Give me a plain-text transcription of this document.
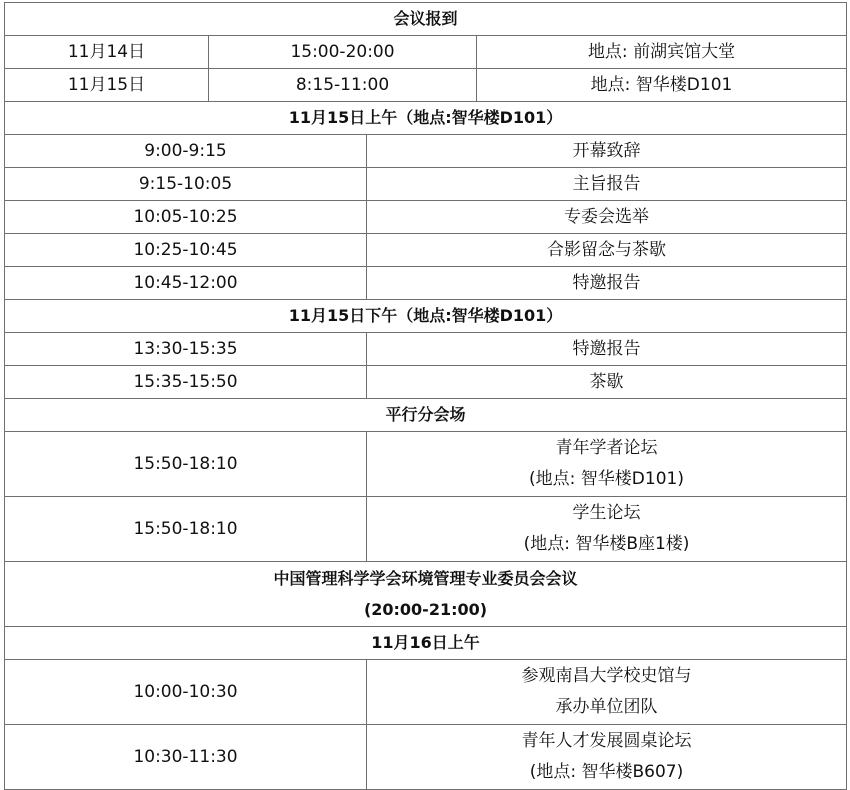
会议报到			
11月14日	15:00-20:00		地点: 前湖宾馆大堂
11月15日	8:15-11:00		地点: 智华楼D101
11月15日上午（地点:智华楼D101）			
9:00-9:15		开幕致辞	
9:15-10:05		主旨报告	
10:05-10:25		专委会选举	
10:25-10:45		合影留念与茶歇	
10:45-12:00		特邀报告	
11月15日下午（地点:智华楼D101）			
13:30-15:35		特邀报告	
15:35-15:50		茶歇	
平行分会场			
15:50-18:10		青年学者论坛
(地点: 智华楼D101)	

15:50-18:10		学生论坛
(地点: 智华楼B座1楼)	

中国管理科学学会环境管理专业委员会会议
(20:00-21:00)			

11月16日上午			
10:00-10:30		参观南昌大学校史馆与
承办单位团队	

10:30-11:30		青年人才发展圆桌论坛
(地点: 智华楼B607)	
